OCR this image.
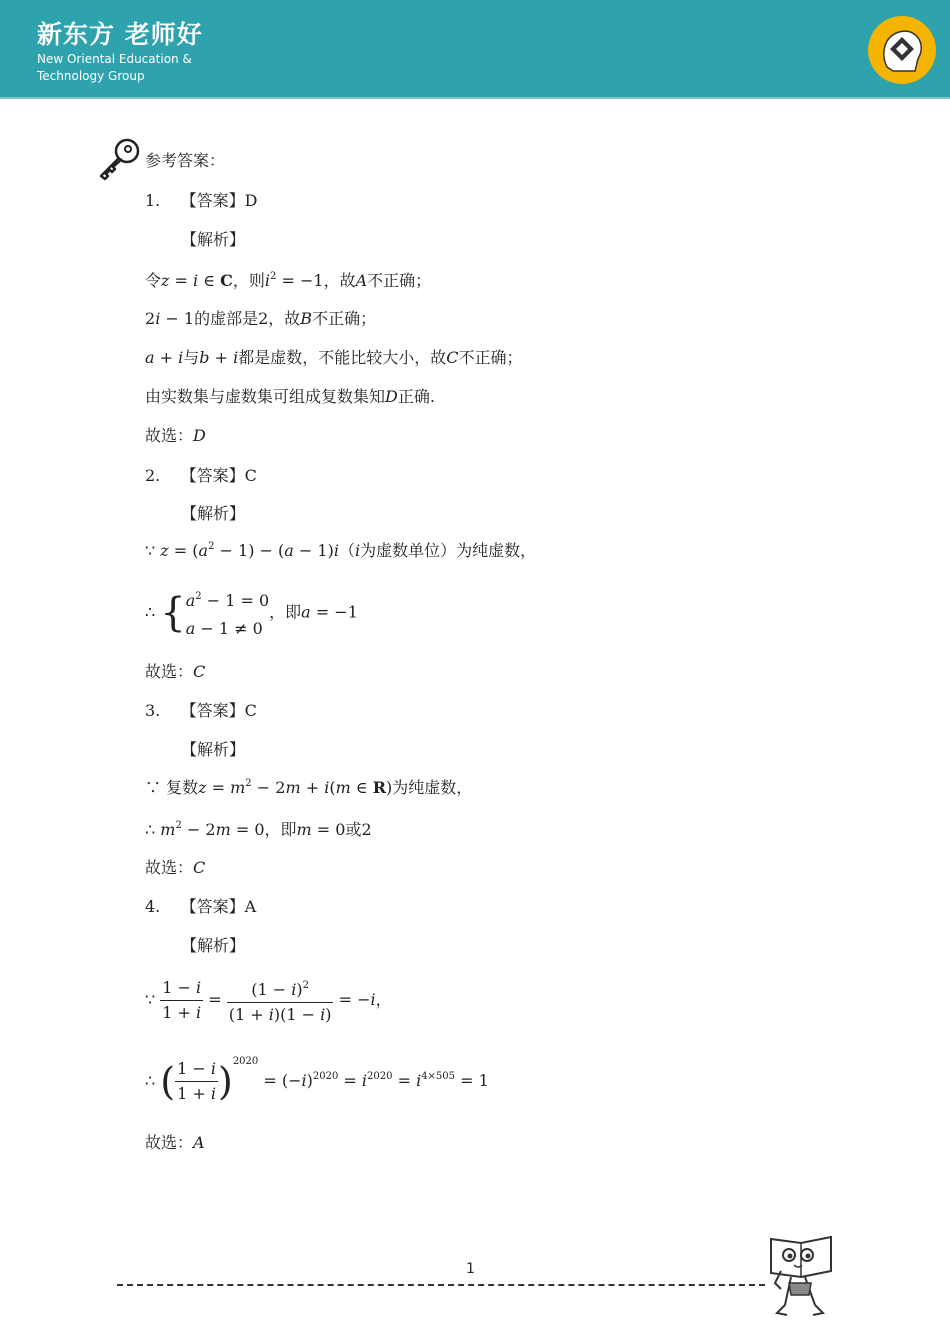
新东方 老师好
New Oriental Education &
Technology Group
参考答案：
1. 【答案】D
【解析】
令z = i ∈ C，则$i^2 = -1$，故A不正确；
2i − 1的虚部是2，故B不正确；
a + i与b + i都是虚数，不能比较大小，故C不正确；
由实数集与虚数集可组成复数集知D正确.
故选：D
2. 【答案】C
【解析】
∵ $z = (a^2 - 1) - (a - 1)i(i$为虚数单位）为纯虚数，
∴ { $a^2 - 1 = 0$
a − 1 ≠ 0
，即a = −1
故选：C
3. 【答案】C
【解析】
∵ 复数$z = m^2 - 2m + i(m$ ∈ R)为纯虚数，
∴ $m^2 - 2m = 0$，即m = 0或2
故选：C
4. 【答案】A
【解析】
∵ $\frac{1 - i}{1 + i} = \frac{(1 - i)^2}{(1 + i)(1 - i)} = -i$，
∴ ( $\frac{1 - i}{1 + i} )^{2020} = (-i)^{2020} = i^{2020} = i^{4\times 505} = 1$
故选：A
1
